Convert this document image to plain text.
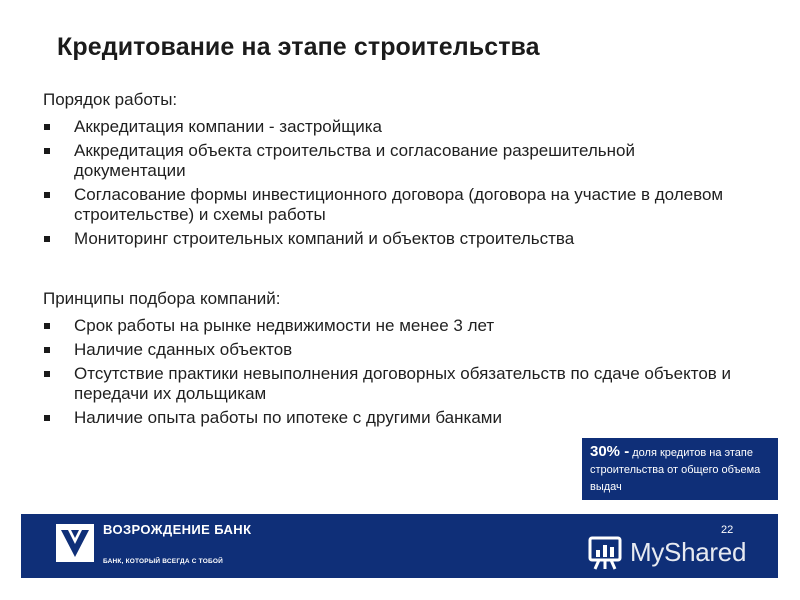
Кредитование на этапе строительства

Порядок работы:

Аккредитация компании - застройщика
Аккредитация объекта строительства и согласование разрешительной документации
Согласование формы инвестиционного договора (договора на участие в долевом строительстве) и схемы работы
Мониторинг строительных компаний и объектов строительства

Принципы подбора компаний:

Срок работы на рынке недвижимости не менее 3 лет
Наличие сданных объектов
Отсутствие практики невыполнения договорных обязательств по сдаче объектов и передачи их дольщикам
Наличие опыта работы по ипотеке с другими банками
30% - доля кредитов на этапе строительства от общего объема выдач
ВОЗРОЖДЕНИЕ БАНК
БАНК, КОТОРЫЙ ВСЕГДА С ТОБОЙ
22
MyShared
